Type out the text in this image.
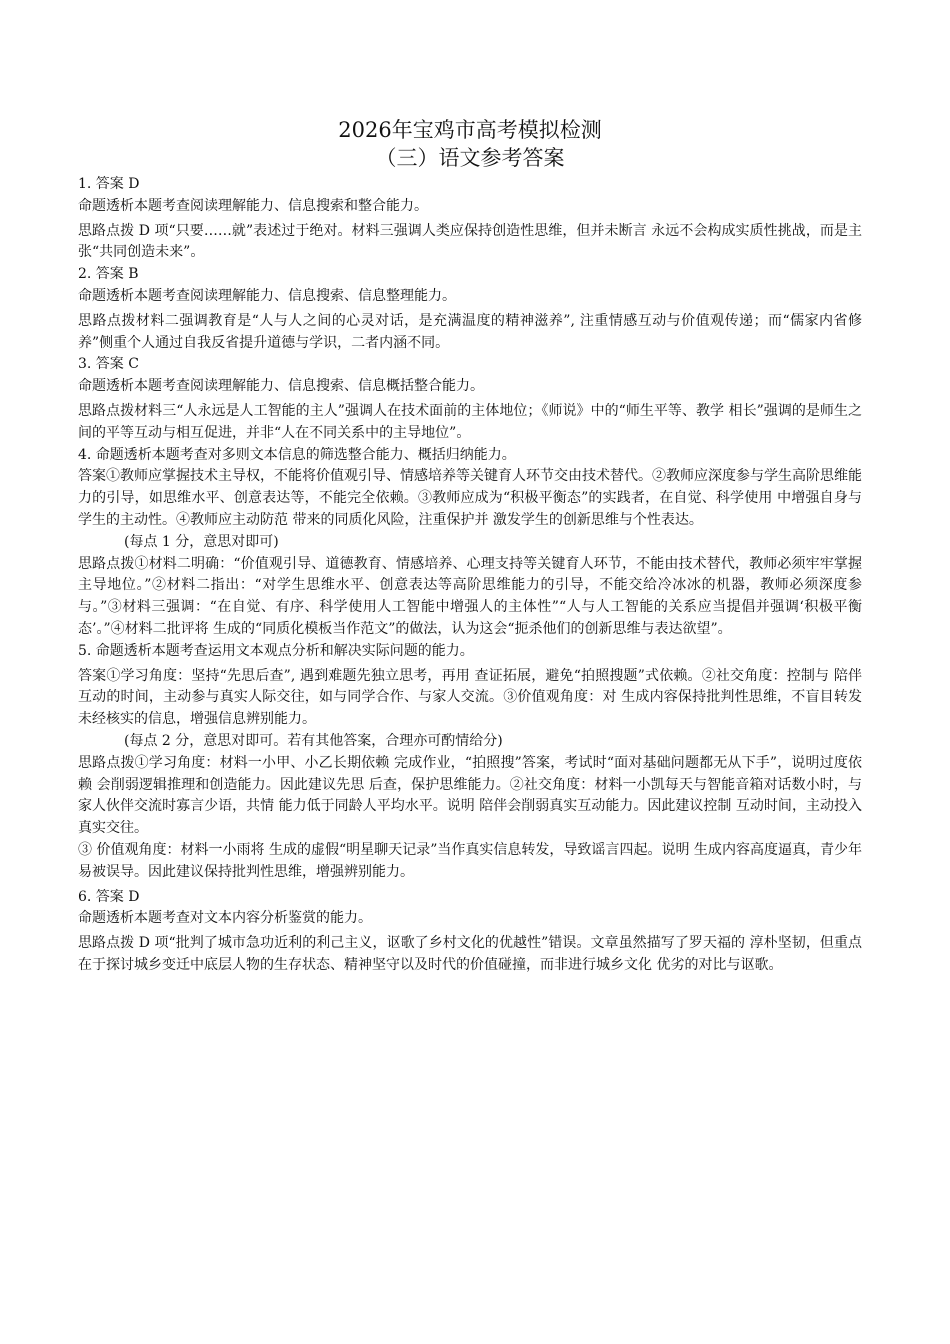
2026年宝鸡市高考模拟检测
（三）语文参考答案

1. 答案 D

命题透析本题考查阅读理解能力、信息搜索和整合能力。

思路点拨 D 项“只要……就”表述过于绝对。材料三强调人类应保持创造性思维，但并未断言 永远不会构成实质性挑战，而是主张“共同创造未来”。

2. 答案 B

命题透析本题考查阅读理解能力、信息搜索、信息整理能力。

思路点拨材料二强调教育是“人与人之间的心灵对话，是充满温度的精神滋养”, 注重情感互动与价值观传递；而“儒家内省修养”侧重个人通过自我反省提升道德与学识，二者内涵不同。

3. 答案 C

命题透析本题考查阅读理解能力、信息搜索、信息概括整合能力。

思路点拨材料三“人永远是人工智能的主人”强调人在技术面前的主体地位；《师说》中的“师生平等、教学 相长”强调的是师生之间的平等互动与相互促进，并非“人在不同关系中的主导地位”。

4. 命题透析本题考查对多则文本信息的筛选整合能力、概括归纳能力。

答案①教师应掌握技术主导权，不能将价值观引导、情感培养等关键育人环节交由技术替代。②教师应深度参与学生高阶思维能力的引导，如思维水平、创意表达等，不能完全依赖。③教师应成为“积极平衡态”的实践者，在自觉、科学使用 中增强自身与学生的主动性。④教师应主动防范 带来的同质化风险，注重保护并 激发学生的创新思维与个性表达。

(每点 1 分，意思对即可)

思路点拨①材料二明确：“价值观引导、道德教育、情感培养、心理支持等关键育人环节，不能由技术替代，教师必须牢牢掌握主导地位。”②材料二指出：“对学生思维水平、创意表达等高阶思维能力的引导，不能交给冷冰冰的机器，教师必须深度参与。”③材料三强调：“在自觉、有序、科学使用人工智能中增强人的主体性”“人与人工智能的关系应当提倡并强调‘积极平衡态’。”④材料二批评将 生成的“同质化模板当作范文”的做法，认为这会“扼杀他们的创新思维与表达欲望”。

5. 命题透析本题考查运用文本观点分析和解决实际问题的能力。

答案①学习角度：坚持“先思后查”, 遇到难题先独立思考，再用 查证拓展，避免“拍照搜题”式依赖。②社交角度：控制与 陪伴互动的时间，主动参与真实人际交往，如与同学合作、与家人交流。③价值观角度：对 生成内容保持批判性思维，不盲目转发未经核实的信息，增强信息辨别能力。

(每点 2 分，意思对即可。若有其他答案，合理亦可酌情给分)

思路点拨①学习角度：材料一小甲、小乙长期依赖 完成作业，“拍照搜”答案，考试时“面对基础问题都无从下手”，说明过度依赖 会削弱逻辑推理和创造能力。因此建议先思 后查，保护思维能力。②社交角度：材料一小凯每天与智能音箱对话数小时，与家人伙伴交流时寡言少语，共情 能力低于同龄人平均水平。说明 陪伴会削弱真实互动能力。因此建议控制 互动时间，主动投入真实交往。

③ 价值观角度：材料一小雨将 生成的虚假“明星聊天记录”当作真实信息转发，导致谣言四起。说明 生成内容高度逼真，青少年易被误导。因此建议保持批判性思维，增强辨别能力。

6. 答案 D

命题透析本题考查对文本内容分析鉴赏的能力。

思路点拨 D 项“批判了城市急功近利的利己主义，讴歌了乡村文化的优越性”错误。文章虽然描写了罗天福的 淳朴坚韧，但重点在于探讨城乡变迁中底层人物的生存状态、精神坚守以及时代的价值碰撞，而非进行城乡文化 优劣的对比与讴歌。
